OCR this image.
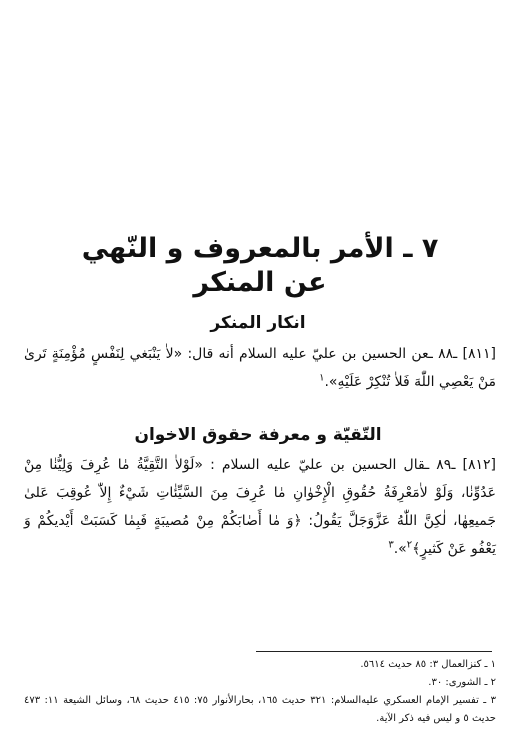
٧ ـ الأمر بالمعروف و النّهي عن المنكر
انكار المنكر
[٨١١] ـ٨٨ ـعن الحسين بن عليّ عليه السلام أنه قال: «لاٰ يَنْبَغي لِنَفْسٍ مُؤْمِنَةٍ تَرىٰ مَنْ يَعْصِي اللّٰهَ فَلاٰ تُنْكِرْ عَلَيْهِ».$^١$
التّقيّة و معرفة حقوق الاخوان
[٨١٢] ـ٨٩ ـقال الحسين بن عليّ عليه السلام : «لَوْلاٰ التَّقِيَّةُ مٰا عُرِفَ وَلِيُّنٰا مِنْ عَدُوِّنٰا، وَلَوْ لاٰمَعْرِفَةُ حُقُوقِ الْإِخْوٰانِ مٰا عُرِفَ مِنَ السَّيِّئٰاتِ شَيْءٌ إِلاّٰ عُوقِبَ عَلىٰ جَميعِهٰا، لٰكِنَّ اللّٰهُ عَزَّوَجَلَّ يَقُولُ: ﴿وَ مٰا أَصٰابَكُمْ مِنْ مُصيبَةٍ فَبِمٰا كَسَبَتْ أَيْديكُمْ وَ يَعْفُو عَنْ كَثيرٍ﴾$^٢$».$^٣$
١ ـ كنزالعمال ٣: ٨٥ حديث ٥٦١٤.
٢ ـ الشورى: ٣٠.
٣ ـ تفسير الإمام العسكري عليه‌السلام: ٣٢١ حديث ١٦٥، بحارالأنوار ٧٥: ٤١٥ حديث ٦٨، وسائل الشيعة ١١: ٤٧٣ حديث ٥ و ليس فيه ذكر الآية.
